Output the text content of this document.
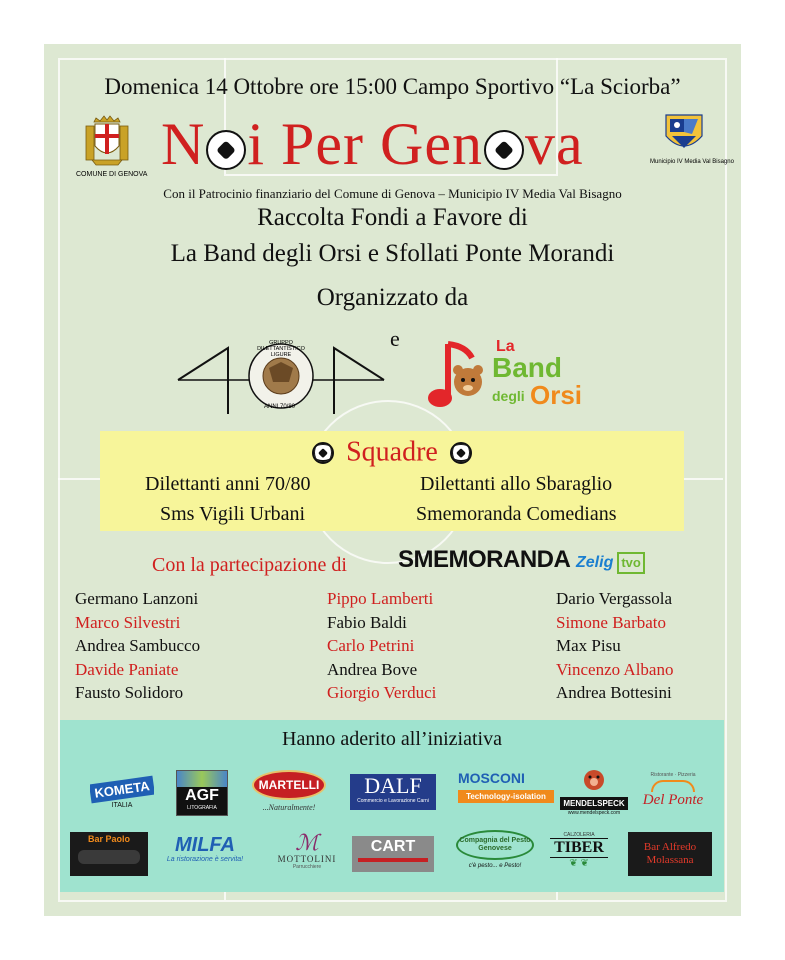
Domenica 14 Ottobre ore 15:00 Campo Sportivo “La Sciorba”
COMUNE DI GENOVA
Municipio IV Media Val Bisagno
N i Per Gen va
Con il Patrocinio finanziario del Comune di Genova – Municipio IV Media Val Bisagno
Raccolta Fondi a Favore di
La Band degli Orsi e Sfollati Ponte Morandi
Organizzato da
e
GRUPPO DILETTANTISTICO LIGURE
ANNI 70/80
La
Band
degli Orsi
Squadre
Dilettanti anni 70/80
Sms Vigili Urbani
Dilettanti allo Sbaraglio
Smemoranda Comedians
Con la partecipazione di SMEMORANDA Zelig tvo
Germano Lanzoni
Marco Silvestri
Andrea Sambucco
Davide Paniate
Fausto Solidoro
Pippo Lamberti
Fabio Baldi
Carlo Petrini
Andrea Bove
Giorgio Verduci
Dario Vergassola
Simone Barbato
Max Pisu
Vincenzo Albano
Andrea Bottesini
Hanno aderito all’iniziativa
KOMETA
ITALIA
AGF
LITOGRAFIA
MARTELLI
...Naturalmente!
DALF
Commercio e Lavorazione Carni
MOSCONI
Technology-isolation
MENDELSPECK
www.mendelspeck.com
Ristorante · Pizzeria
Del Ponte
Bar Paolo	MILFA
La ristorazione è servita!
ℳ
MOTTOLINI
Parrucchiere
CART	Compagnia del Pesto Genovese
c'è pesto... e Pesto!
CALZOLERIA
TIBER
❦ ❦
Bar Alfredo Molassana
